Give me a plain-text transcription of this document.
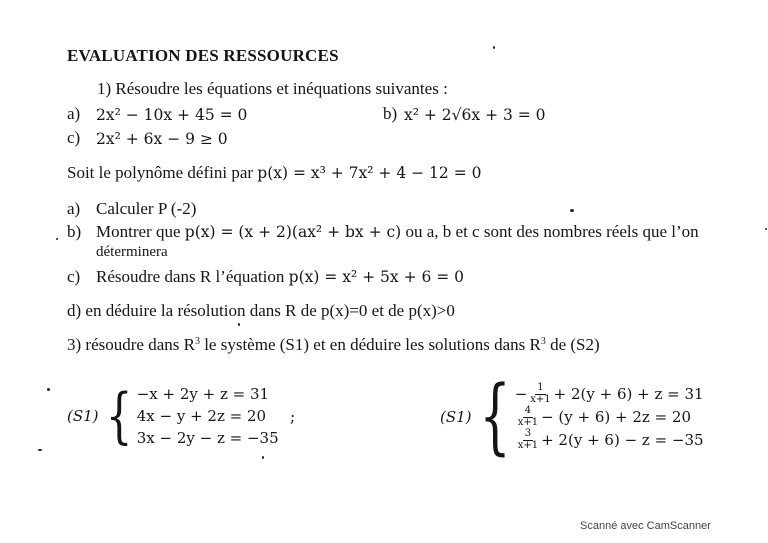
EVALUATION DES RESSOURCES
1) Résoudre les équations et inéquations suivantes :
a) 2x² − 10x + 45 = 0	b) x² + 2√6x + 3 = 0
c) 2x² + 6x − 9 ≥ 0
Soit le polynôme défini par p(x) = x³ + 7x² + 4 − 12 = 0
a) Calculer P (-2)
b) Montrer que p(x) = (x + 2)(ax² + bx + c) ou a, b et c sont des nombres réels que l’on
déterminera
c) Résoudre dans R l’équation p(x) = x² + 5x + 6 = 0
d) en déduire la résolution dans R de p(x)=0 et de p(x)>0
3) résoudre dans $R^3$ le système (S1) et en déduire les solutions dans $R^3$ de (S2)
(S1) { −x + 2y + z = 31
4x − y + 2z = 20
3x − 2y − z = −35
;	(S1) { − $\frac{1}{x+1} + 2(y + 6) + z = 31$
$\frac{4}{x+1} - (y + 6) + 2z = 20$
$\frac{3}{x+1} + 2(y + 6) - z = -35$
Scanné avec CamScanner
